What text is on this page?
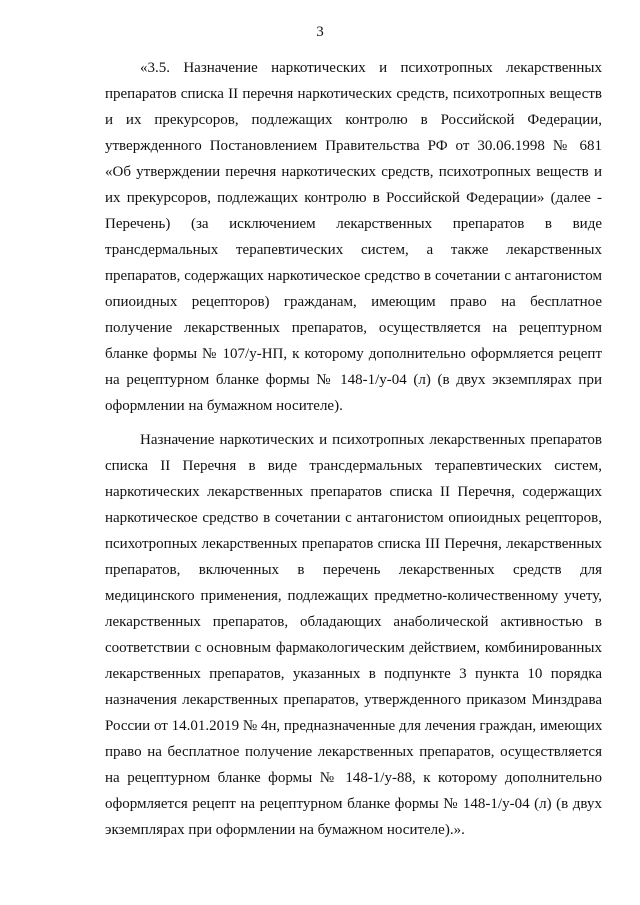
3
«3.5. Назначение наркотических и психотропных лекарственных
препаратов списка II перечня наркотических средств, психотропных веществ
и их прекурсоров, подлежащих контролю в Российской Федерации,
утвержденного Постановлением Правительства РФ от 30.06.1998 № 681
«Об утверждении перечня наркотических средств, психотропных веществ и
их прекурсоров, подлежащих контролю в Российской Федерации» (далее -
Перечень) (за исключением лекарственных препаратов в виде
трансдермальных терапевтических систем, а также лекарственных
препаратов, содержащих наркотическое средство в сочетании с антагонистом
опиоидных рецепторов) гражданам, имеющим право на бесплатное
получение лекарственных препаратов, осуществляется на рецептурном
бланке формы № 107/у-НП, к которому дополнительно оформляется рецепт
на рецептурном бланке формы № 148-1/у-04 (л) (в двух экземплярах при
оформлении на бумажном носителе).
Назначение наркотических и психотропных лекарственных препаратов
списка II Перечня в виде трансдермальных терапевтических систем,
наркотических лекарственных препаратов списка II Перечня, содержащих
наркотическое средство в сочетании с антагонистом опиоидных рецепторов,
психотропных лекарственных препаратов списка III Перечня, лекарственных
препаратов, включенных в перечень лекарственных средств для
медицинского применения, подлежащих предметно-количественному учету,
лекарственных препаратов, обладающих анаболической активностью в
соответствии с основным фармакологическим действием, комбинированных
лекарственных препаратов, указанных в подпункте 3 пункта 10 порядка
назначения лекарственных препаратов, утвержденного приказом Минздрава
России от 14.01.2019 № 4н, предназначенные для лечения граждан, имеющих
право на бесплатное получение лекарственных препаратов, осуществляется
на рецептурном бланке формы № 148-1/у-88, к которому дополнительно
оформляется рецепт на рецептурном бланке формы № 148-1/у-04 (л) (в двух
экземплярах при оформлении на бумажном носителе).».
